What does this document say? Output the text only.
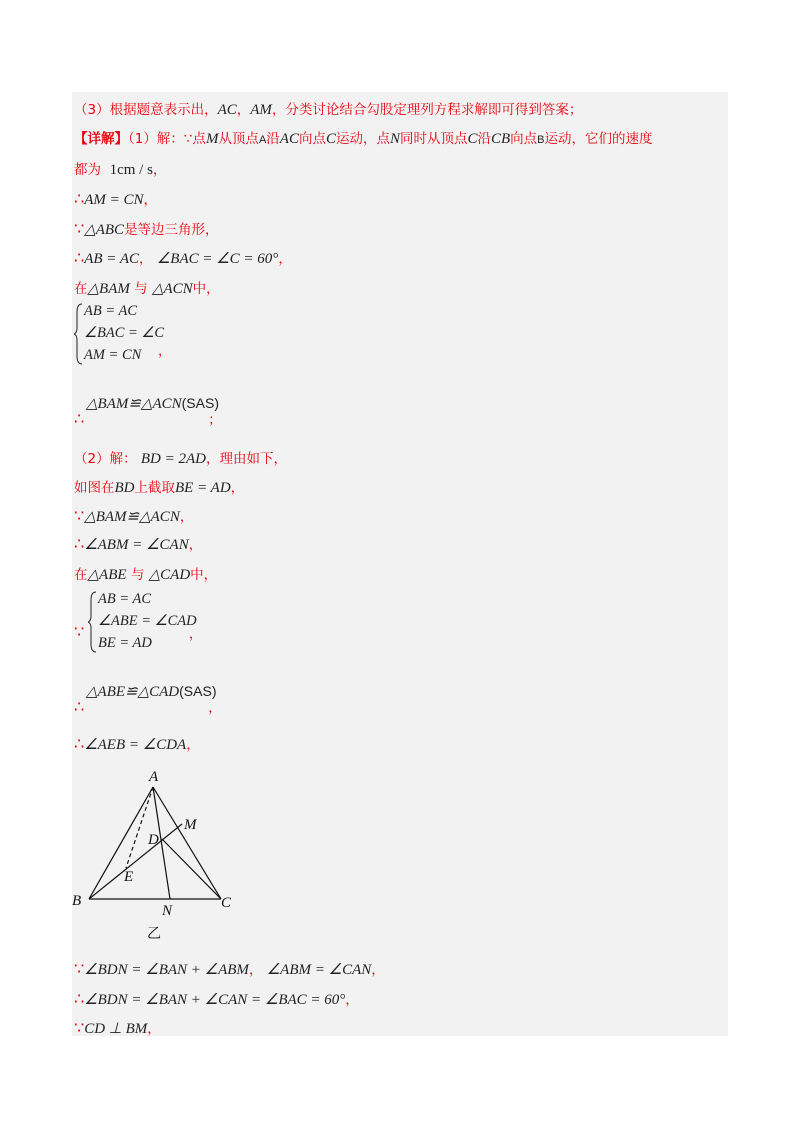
（3）根据题意表示出，AC，AM，分类讨论结合勾股定理列方程求解即可得到答案；
【详解】（1）解：∵点M从顶点A沿AC向点C运动，点N同时从顶点C沿CB向点B运动，它们的速度
都为 1cm / s，
∴AM = CN，
∵△ABC是等边三角形，
∴AB = AC， ∠BAC = ∠C = 60°，
在△BAM 与 △ACN中，
AB = AC
∠BAC = ∠C
AM = CN ，
△BAM≌△ACN(SAS)
∴	；
（2）解： BD = 2AD，理由如下，
如图在BD上截取BE = AD，
∵△BAM≌△ACN，
∴∠ABM = ∠CAN，
在△ABE 与 △CAD中，
∵
AB = AC
∠ABE = ∠CAD
BE = AD
，
△ABE≌△CAD(SAS)
∴	，
∴∠AEB = ∠CDA，
A
B	C
D
E
M
N
乙
∵∠BDN = ∠BAN + ∠ABM， ∠ABM = ∠CAN，
∴∠BDN = ∠BAN + ∠CAN = ∠BAC = 60°，
∵CD ⊥ BM，
